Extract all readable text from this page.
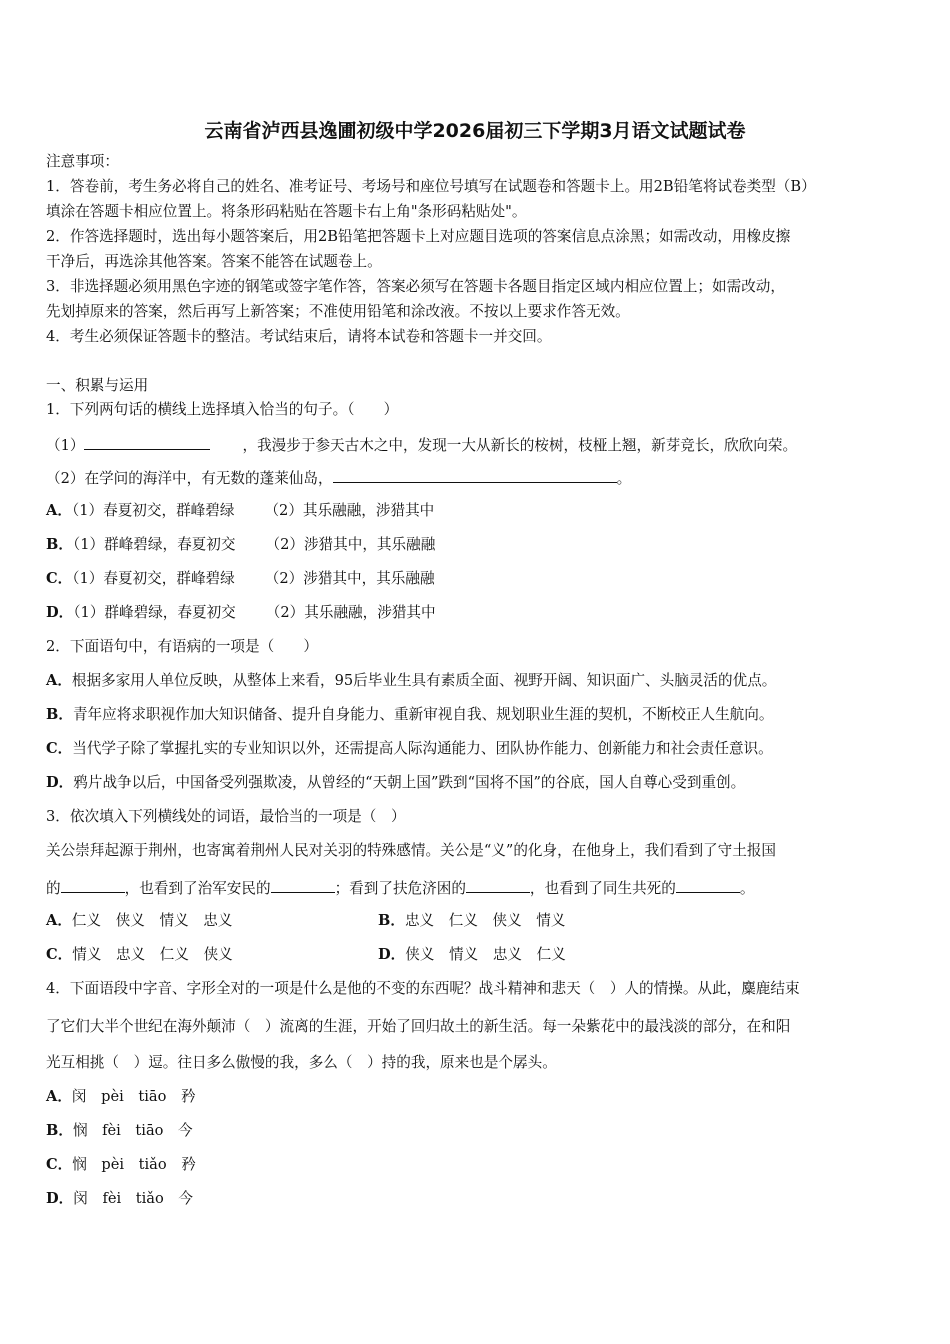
云南省泸西县逸圃初级中学2026届初三下学期3月语文试题试卷
注意事项：
1．答卷前，考生务必将自己的姓名、准考证号、考场号和座位号填写在试题卷和答题卡上。用2B铅笔将试卷类型（B）
填涂在答题卡相应位置上。将条形码粘贴在答题卡右上角"条形码粘贴处"。
2．作答选择题时，选出每小题答案后，用2B铅笔把答题卡上对应题目选项的答案信息点涂黑；如需改动，用橡皮擦
干净后，再选涂其他答案。答案不能答在试题卷上。
3．非选择题必须用黑色字迹的钢笔或签字笔作答，答案必须写在答题卡各题目指定区域内相应位置上；如需改动，
先划掉原来的答案，然后再写上新答案；不准使用铅笔和涂改液。不按以上要求作答无效。
4．考生必须保证答题卡的整洁。考试结束后，请将本试卷和答题卡一并交回。
一、积累与运用
1．下列两句话的横线上选择填入恰当的句子。（　　）
（1）	，我漫步于参天古木之中，发现一大从新长的桉树，枝桠上翘，新芽竞长，欣欣向荣。
（2）在学问的海洋中，有无数的蓬莱仙岛，	。
A．（1）春夏初交，群峰碧绿 （2）其乐融融，涉猎其中
B．（1）群峰碧绿，春夏初交 （2）涉猎其中，其乐融融
C．（1）春夏初交，群峰碧绿 （2）涉猎其中，其乐融融
D．（1）群峰碧绿，春夏初交 （2）其乐融融，涉猎其中
2．下面语句中，有语病的一项是（　　）
A．根据多家用人单位反映，从整体上来看，95后毕业生具有素质全面、视野开阔、知识面广、头脑灵活的优点。
B．青年应将求职视作加大知识储备、提升自身能力、重新审视自我、规划职业生涯的契机，不断校正人生航向。
C．当代学子除了掌握扎实的专业知识以外，还需提高人际沟通能力、团队协作能力、创新能力和社会责任意识。
D．鸦片战争以后，中国备受列强欺凌，从曾经的“天朝上国”跌到“国将不国”的谷底，国人自尊心受到重创。
3．依次填入下列横线处的词语，最恰当的一项是（　）
关公崇拜起源于荆州，也寄寓着荆州人民对关羽的特殊感情。关公是“义”的化身，在他身上，我们看到了守土报国
的	，也看到了治军安民的	；看到了扶危济困的	，也看到了同生共死的	。
A．仁义　侠义　情义　忠义	B．忠义　仁义　侠义　情义
C．情义　忠义　仁义　侠义	D．侠义　情义　忠义　仁义
4．下面语段中字音、字形全对的一项是什么是他的不变的东西呢？战斗精神和悲天（　）人的情操。从此，麋鹿结束
了它们大半个世纪在海外颠沛（　）流离的生涯，开始了回归故土的新生活。每一朵紫花中的最浅淡的部分，在和阳
光互相挑（　）逗。往日多么傲慢的我，多么（　）持的我，原来也是个孱头。
A．闵　pèi　tiāo　矜
B．悯　fèi　tiāo　今
C．悯　pèi　tiǎo　矜
D．闵　fèi　tiǎo　今
